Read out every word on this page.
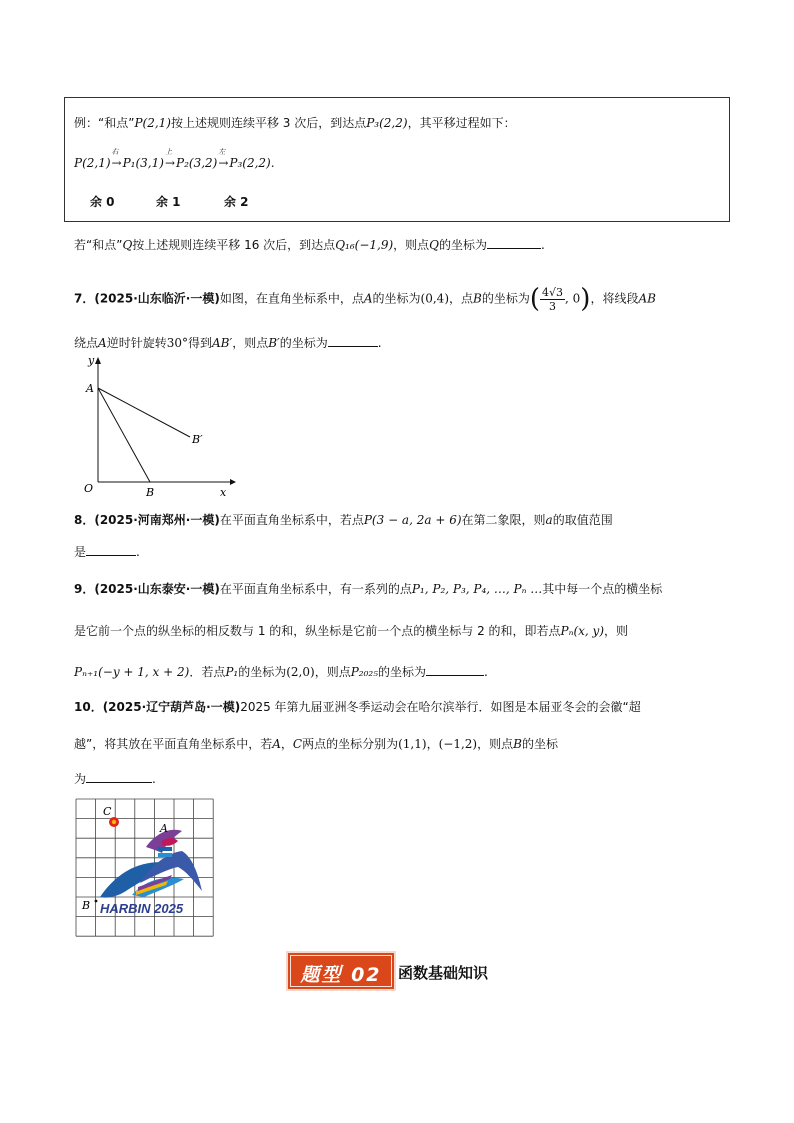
例：“和点”P(2,1)按上述规则连续平移 3 次后，到达点P₃(2,2)，其平移过程如下：
P(2,1)
右
→P₁(3,1)
上
→P₂(3,2)
左
→P₃(2,2).
余 0	余 1	余 2
若“和点”Q按上述规则连续平移 16 次后，到达点Q₁₆(−1,9)，则点Q的坐标为	.
7．(2025·山东临沂·一模)如图，在直角坐标系中，点A的坐标为(0,4)，点B的坐标为( $\frac{4√3}{3}$ , 0)，将线段AB
绕点A逆时针旋转30°得到AB′，则点B′的坐标为	.
y
x
O
A
B
B′
8．(2025·河南郑州·一模)在平面直角坐标系中，若点P(3 − a, 2a + 6)在第二象限，则a的取值范围
是	.
9．(2025·山东泰安·一模)在平面直角坐标系中，有一系列的点P₁, P₂, P₃, P₄, …, Pₙ …其中每一个点的横坐标
是它前一个点的纵坐标的相反数与 1 的和，纵坐标是它前一个点的横坐标与 2 的和，即若点Pₙ(x, y)，则
Pₙ₊₁(−y + 1, x + 2)．若点P₁的坐标为(2,0)，则点P₂₀₂₅的坐标为	.
10．(2025·辽宁葫芦岛·一模)2025 年第九届亚洲冬季运动会在哈尔滨举行．如图是本届亚冬会的会徽“超
越”，将其放在平面直角坐标系中，若A，C两点的坐标分别为(1,1)，(−1,2)，则点B的坐标
为	.
HARBIN 2025
C
A
B
题型 02	函数基础知识
